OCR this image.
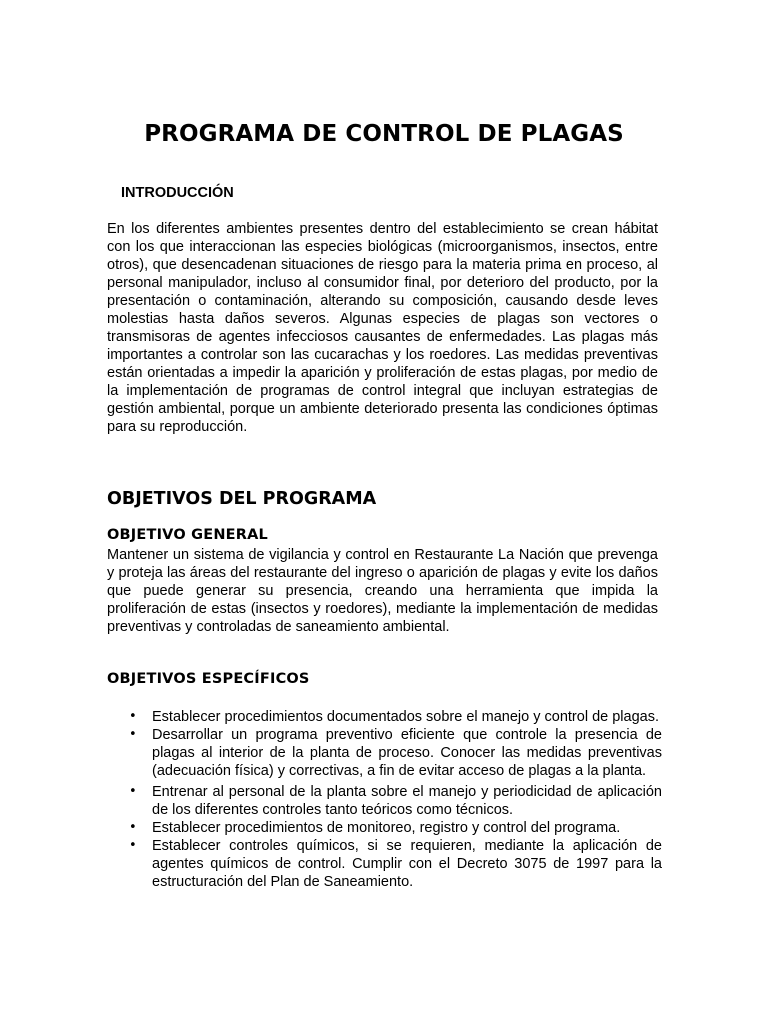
PROGRAMA DE CONTROL DE PLAGAS
INTRODUCCIÓN

En los diferentes ambientes presentes dentro del establecimiento se crean hábitat con los que interaccionan las especies biológicas (microorganismos, insectos, entre otros), que desencadenan situaciones de riesgo para la materia prima en proceso, al personal manipulador, incluso al consumidor final, por deterioro del producto, por la presentación o contaminación, alterando su composición, causando desde leves molestias hasta daños severos. Algunas especies de plagas son vectores o transmisoras de agentes infecciosos causantes de enfermedades. Las plagas más importantes a controlar son las cucarachas y los roedores. Las medidas preventivas están orientadas a impedir la aparición y proliferación de estas plagas, por medio de la implementación de programas de control integral que incluyan estrategias de gestión ambiental, porque un ambiente deteriorado presenta las condiciones óptimas para su reproducción.

OBJETIVOS DEL PROGRAMA
OBJETIVO GENERAL

Mantener un sistema de vigilancia y control en Restaurante La Nación que prevenga y proteja las áreas del restaurante del ingreso o aparición de plagas y evite los daños que puede generar su presencia, creando una herramienta que impida la proliferación de estas (insectos y roedores), mediante la implementación de medidas preventivas y controladas de saneamiento ambiental.

OBJETIVOS ESPECÍFICOS
• Establecer procedimientos documentados sobre el manejo y control de plagas.
• Desarrollar un programa preventivo eficiente que controle la presencia de plagas al interior de la planta de proceso. Conocer las medidas preventivas (adecuación física) y correctivas, a fin de evitar acceso de plagas a la planta.
• Entrenar al personal de la planta sobre el manejo y periodicidad de aplicación de los diferentes controles tanto teóricos como técnicos.
• Establecer procedimientos de monitoreo, registro y control del programa.
• Establecer controles químicos, si se requieren, mediante la aplicación de agentes químicos de control. Cumplir con el Decreto 3075 de 1997 para la estructuración del Plan de Saneamiento.
